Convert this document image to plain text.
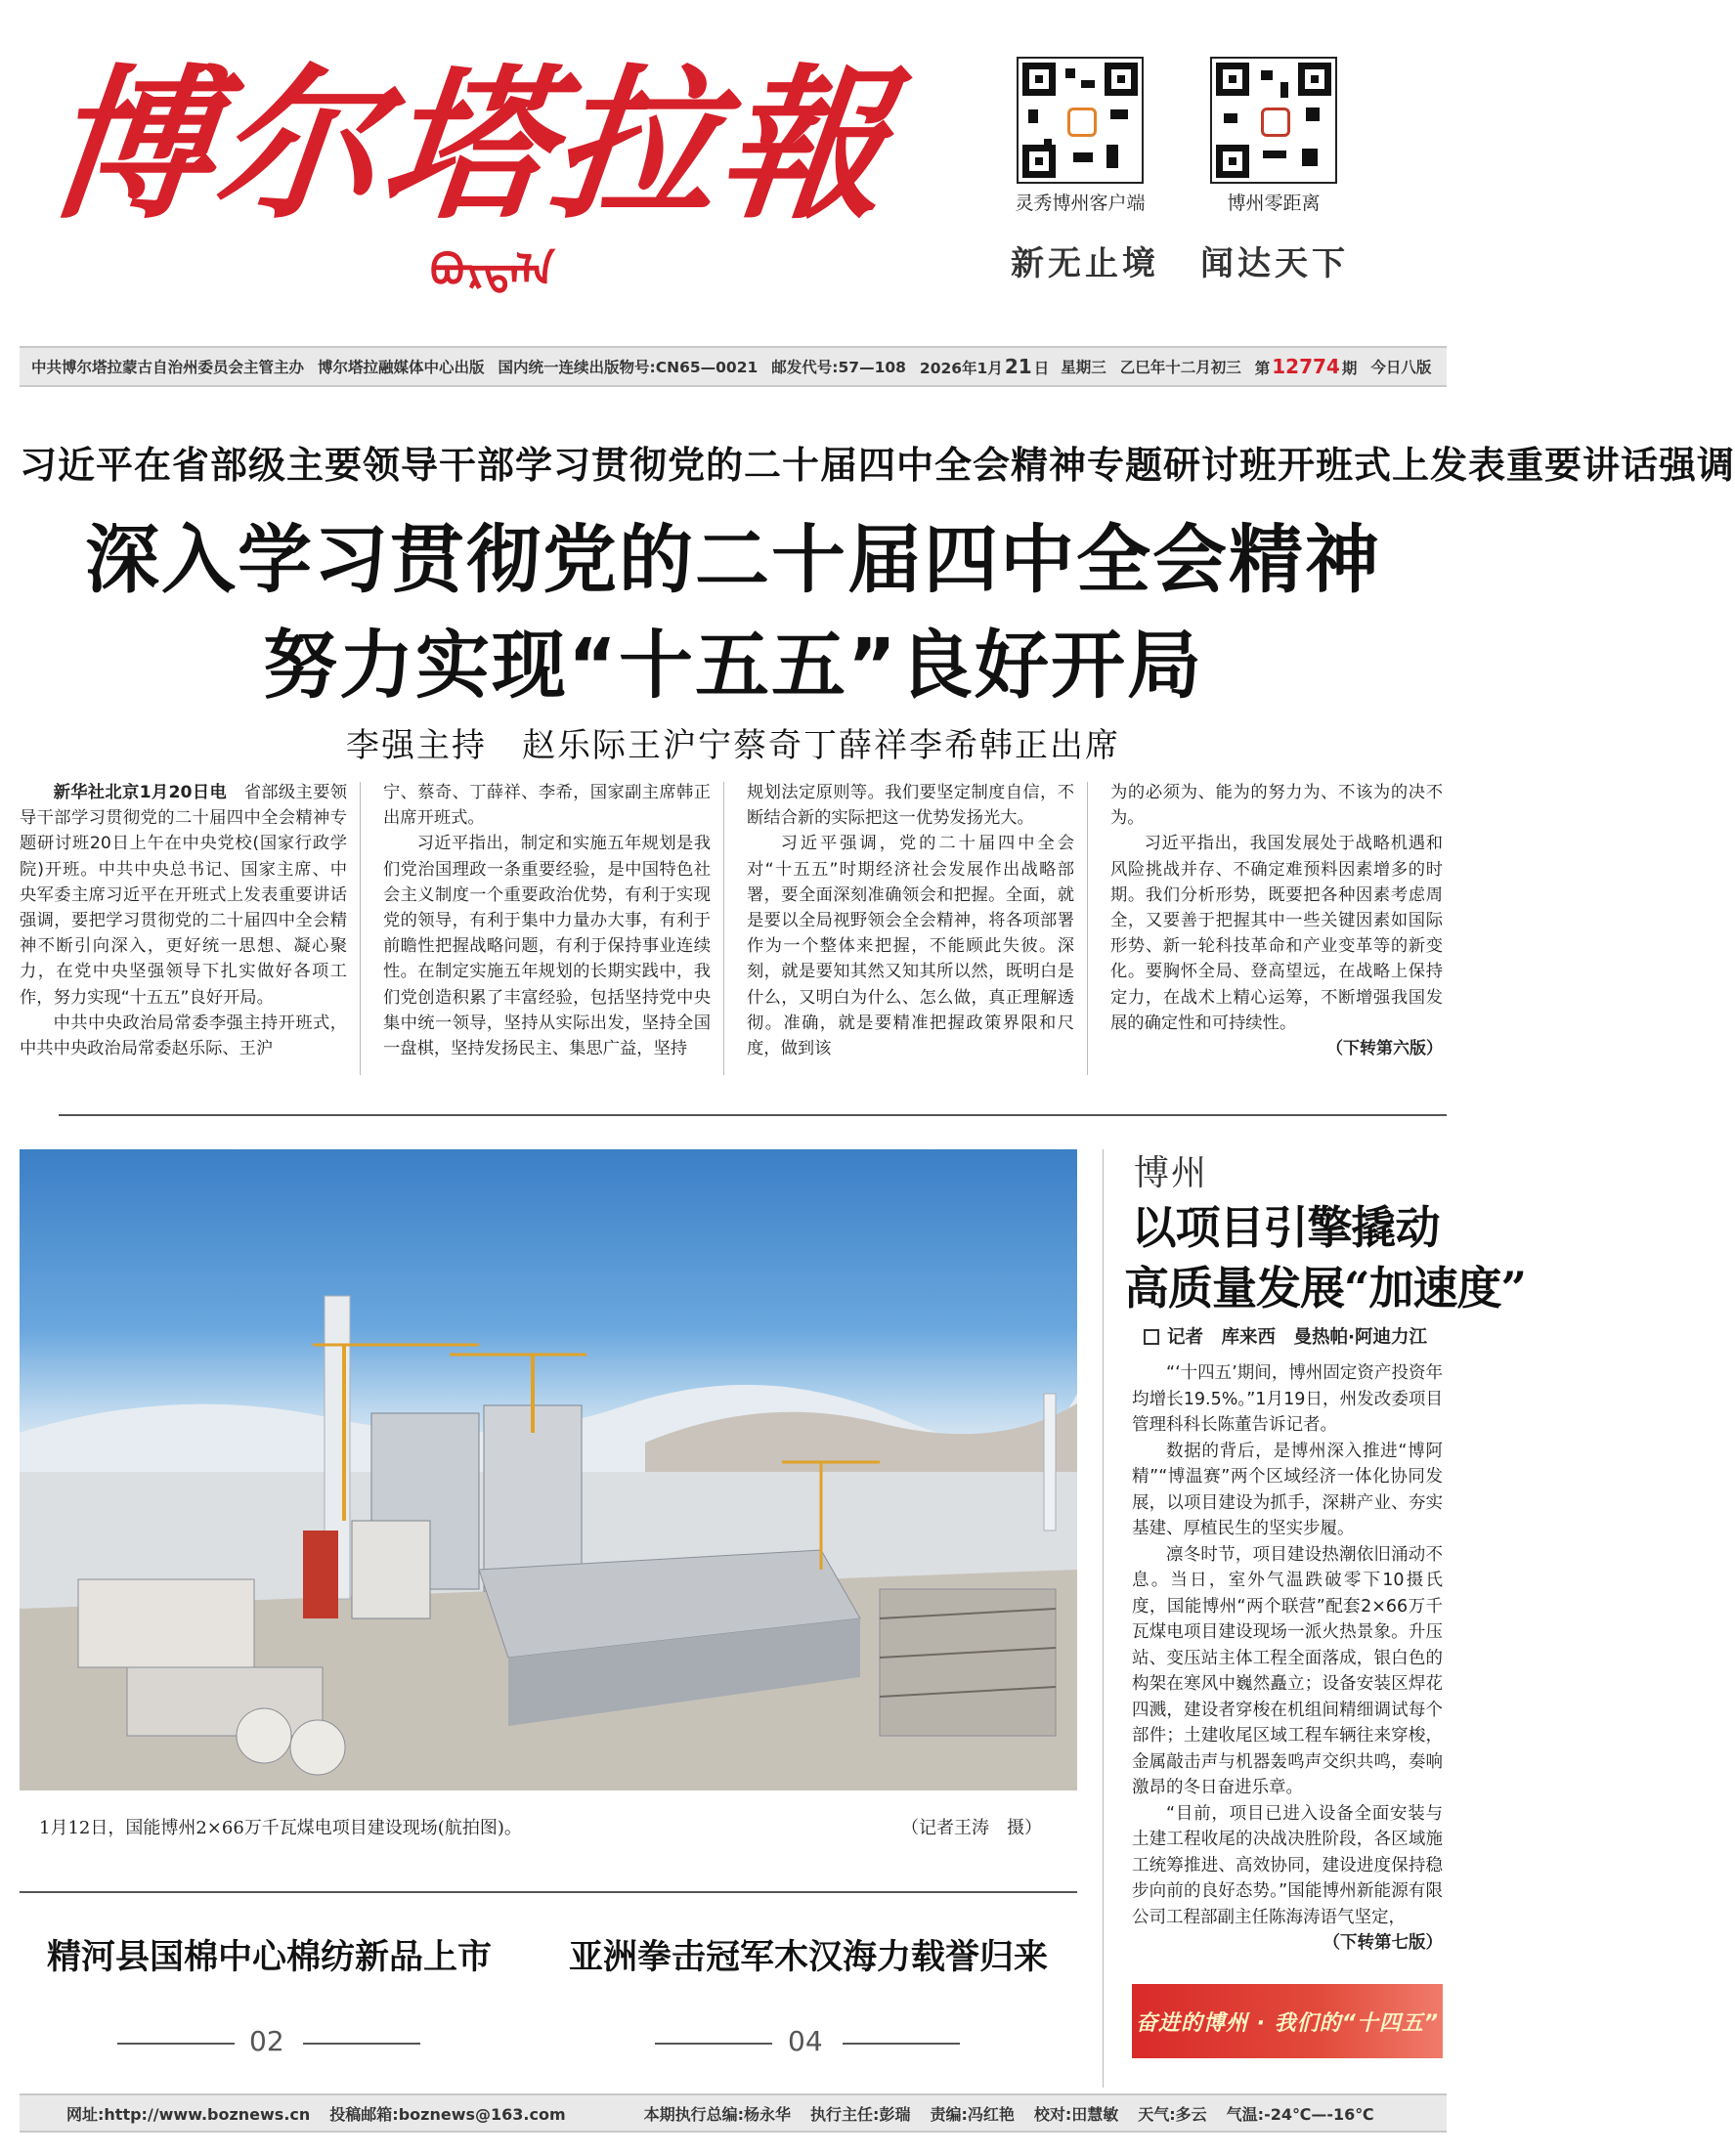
博尔塔拉報
ᠪᠣᠷᠲᠠᠯᠠ
灵秀博州客户端	博州零距离
新无止境 闻达天下
中共博尔塔拉蒙古自治州委员会主管主办 博尔塔拉融媒体中心出版 国内统一连续出版物号:CN65—0021 邮发代号:57—108 2026年1月 21 日 星期三 乙巳年十二月初三 第 12774 期 今日八版
习近平在省部级主要领导干部学习贯彻党的二十届四中全会精神专题研讨班开班式上发表重要讲话强调
深入学习贯彻党的二十届四中全会精神
努力实现“十五五”良好开局
李强主持　赵乐际王沪宁蔡奇丁薛祥李希韩正出席

新华社北京1月20日电　 省部级主要领导干部学习贯彻党的二十届四中全会精神专题研讨班20日上午在中央党校(国家行政学院)开班。中共中央总书记、国家主席、中央军委主席习近平在开班式上发表重要讲话强调，要把学习贯彻党的二十届四中全会精神不断引向深入，更好统一思想、凝心聚力，在党中央坚强领导下扎实做好各项工作，努力实现“十五五”良好开局。

中共中央政治局常委李强主持开班式，中共中央政治局常委赵乐际、王沪

宁、蔡奇、丁薛祥、李希，国家副主席韩正出席开班式。

习近平指出，制定和实施五年规划是我们党治国理政一条重要经验，是中国特色社会主义制度一个重要政治优势，有利于实现党的领导，有利于集中力量办大事，有利于前瞻性把握战略问题，有利于保持事业连续性。在制定实施五年规划的长期实践中，我们党创造积累了丰富经验，包括坚持党中央集中统一领导，坚持从实际出发，坚持全国一盘棋，坚持发扬民主、集思广益，坚持

规划法定原则等。我们要坚定制度自信，不断结合新的实际把这一优势发扬光大。

习近平强调，党的二十届四中全会对“十五五”时期经济社会发展作出战略部署，要全面深刻准确领会和把握。全面，就是要以全局视野领会全会精神，将各项部署作为一个整体来把握，不能顾此失彼。深刻，就是要知其然又知其所以然，既明白是什么，又明白为什么、怎么做，真正理解透彻。准确，就是要精准把握政策界限和尺度，做到该

为的必须为、能为的努力为、不该为的决不为。

习近平指出，我国发展处于战略机遇和风险挑战并存、不确定难预料因素增多的时期。我们分析形势，既要把各种因素考虑周全，又要善于把握其中一些关键因素如国际形势、新一轮科技革命和产业变革等的新变化。要胸怀全局、登高望远，在战略上保持定力，在战术上精心运筹，不断增强我国发展的确定性和可持续性。

（下转第六版）
1月12日，国能博州2×66万千瓦煤电项目建设现场(航拍图)。	（记者王涛　摄）
博州
以项目引擎撬动
高质量发展“加速度”
记者　库来西　曼热帕·阿迪力江

“‘十四五’期间，博州固定资产投资年均增长19.5%。”1月19日，州发改委项目管理科科长陈董告诉记者。

数据的背后，是博州深入推进“博阿精”“博温赛”两个区域经济一体化协同发展，以项目建设为抓手，深耕产业、夯实基建、厚植民生的坚实步履。

凛冬时节，项目建设热潮依旧涌动不息。当日，室外气温跌破零下10摄氏度，国能博州“两个联营”配套2×66万千瓦煤电项目建设现场一派火热景象。升压站、变压站主体工程全面落成，银白色的构架在寒风中巍然矗立；设备安装区焊花四溅，建设者穿梭在机组间精细调试每个部件；土建收尾区域工程车辆往来穿梭，金属敲击声与机器轰鸣声交织共鸣，奏响激昂的冬日奋进乐章。

“目前，项目已进入设备全面安装与土建工程收尾的决战决胜阶段，各区域施工统筹推进、高效协同，建设进度保持稳步向前的良好态势。”国能博州新能源有限公司工程部副主任陈海涛语气坚定，
（下转第七版）

奋进的博州 · 我们的“十四五”
精河县国棉中心棉纺新品上市 亚洲拳击冠军木汉海力载誉归来
02	04
网址:http://www.boznews.cn 投稿邮箱:boznews@163.com	本期执行总编:杨永华 执行主任:彭瑞 责编:冯红艳 校对:田慧敏 天气:多云 气温:-24℃—-16℃
